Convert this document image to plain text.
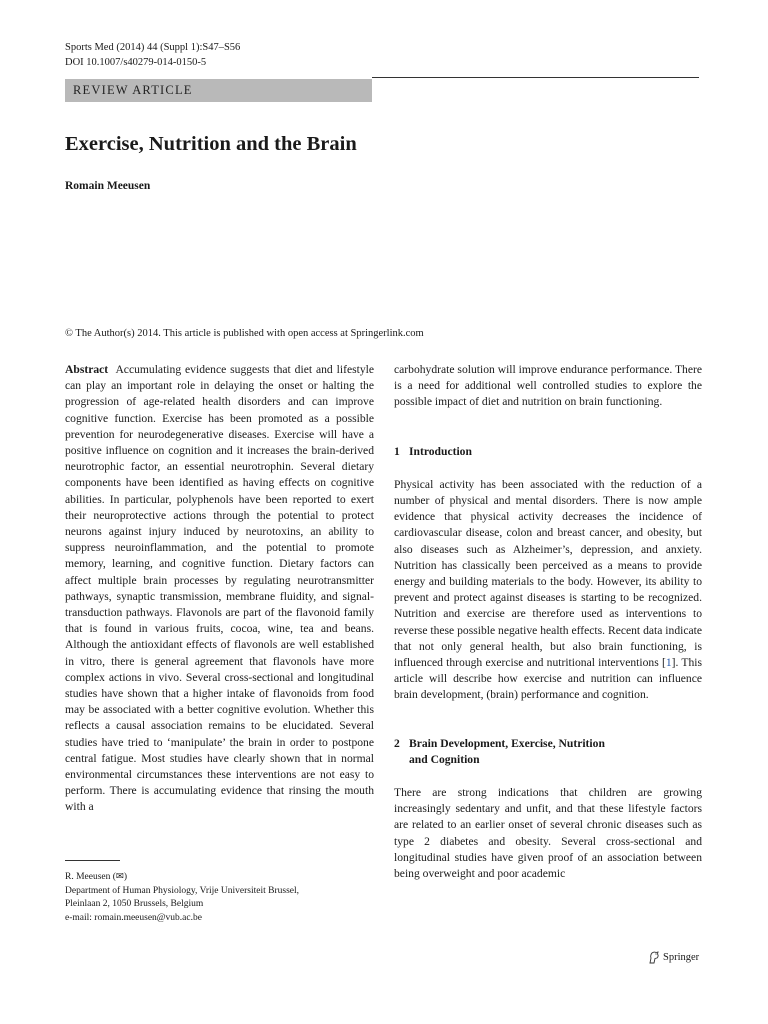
Sports Med (2014) 44 (Suppl 1):S47–S56
DOI 10.1007/s40279-014-0150-5
REVIEW ARTICLE
Exercise, Nutrition and the Brain
Romain Meeusen
© The Author(s) 2014. This article is published with open access at Springerlink.com

Abstract Accumulating evidence suggests that diet and lifestyle can play an important role in delaying the onset or halting the progression of age-related health disorders and can improve cognitive function. Exercise has been promoted as a possible prevention for neurodegenerative diseases. Exercise will have a positive influence on cognition and it increases the brain-derived neurotrophic factor, an essential neurotrophin. Several dietary components have been identified as having effects on cognitive abilities. In particular, polyphenols have been reported to exert their neuroprotective actions through the potential to protect neurons against injury induced by neurotoxins, an ability to suppress neuroinflammation, and the potential to promote memory, learning, and cognitive function. Dietary factors can affect multiple brain processes by regulating neurotransmitter pathways, synaptic transmission, membrane fluidity, and signal-transduction pathways. Flavonols are part of the flavonoid family that is found in various fruits, cocoa, wine, tea and beans. Although the antioxidant effects of flavonols are well established in vitro, there is general agreement that flavonols have more complex actions in vivo. Several cross-sectional and longitudinal studies have shown that a higher intake of flavonoids from food may be associated with a better cognitive evolution. Whether this reflects a causal association remains to be elucidated. Several studies have tried to ‘manipulate’ the brain in order to postpone central fatigue. Most studies have clearly shown that in normal environmental circumstances these interventions are not easy to perform. There is accumulating evidence that rinsing the mouth with a

carbohydrate solution will improve endurance performance. There is a need for additional well controlled studies to explore the possible impact of diet and nutrition on brain functioning.

1 Introduction

Physical activity has been associated with the reduction of a number of physical and mental disorders. There is now ample evidence that physical activity decreases the incidence of cardiovascular disease, colon and breast cancer, and obesity, but also diseases such as Alzheimer’s, depression, and anxiety. Nutrition has classically been perceived as a means to provide energy and building materials to the body. However, its ability to prevent and protect against diseases is starting to be recognized. Nutrition and exercise are therefore used as interventions to reverse these possible negative health effects. Recent data indicate that not only general health, but also brain functioning, is influenced through exercise and nutritional interventions [1]. This article will describe how exercise and nutrition can influence brain development, (brain) performance and cognition.

2 Brain Development, Exercise, Nutrition
and Cognition

There are strong indications that children are growing increasingly sedentary and unfit, and that these lifestyle factors are related to an earlier onset of several chronic diseases such as type 2 diabetes and obesity. Several cross-sectional and longitudinal studies have given proof of an association between being overweight and poor academic

R. Meeusen (✉)
Department of Human Physiology, Vrije Universiteit Brussel,
Pleinlaan 2, 1050 Brussels, Belgium
e-mail: romain.meeusen@vub.ac.be
Springer
